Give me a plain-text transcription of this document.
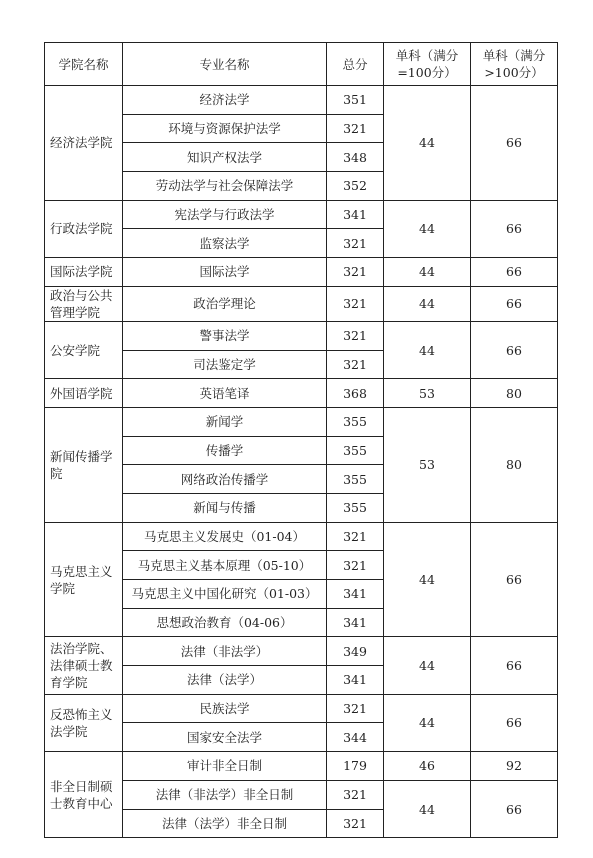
学院名称	专业名称	总分	单科（满分=100分）	单科（满分>100分）
经济法学院	经济法学	351	44	66
	环境与资源保护法学	321		
	知识产权法学	348		
	劳动法学与社会保障法学	352		
行政法学院	宪法学与行政法学	341	44	66
	监察法学	321		
国际法学院	国际法学	321	44	66
政治与公共管理学院	政治学理论	321	44	66
公安学院	警事法学	321	44	66
	司法鉴定学	321		
外国语学院	英语笔译	368	53	80
新闻传播学院	新闻学	355	53	80
	传播学	355		
	网络政治传播学	355		
	新闻与传播	355		
马克思主义学院	马克思主义发展史（01-04）	321	44	66
	马克思主义基本原理（05-10）	321		
	马克思主义中国化研究（01-03）	341		
	思想政治教育（04-06）	341		
法治学院、法律硕士教育学院	法律（非法学）	349	44	66
	法律（法学）	341		
反恐怖主义法学院	民族法学	321	44	66
	国家安全法学	344		
非全日制硕士教育中心	审计非全日制	179	46	92
	法律（非法学）非全日制	321	44	66
	法律（法学）非全日制	321		
